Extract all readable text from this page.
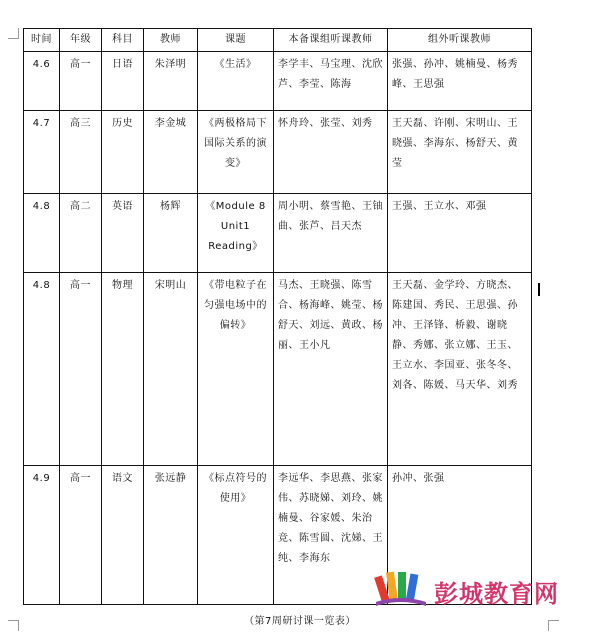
时间	年级	科目	教师	课题	本备课组听课教师	组外听课教师
4.6	高一	日语	朱泽明	《生活》	李学丰、马宝理、沈欣芦、李莹、陈海	张强、孙冲、姚楠曼、杨秀峰、王思强
4.7	高三	历史	李金城	《两极格局下国际关系的演变》	怀舟玲、张莹、刘秀	王天磊、许刚、宋明山、王晓强、李海东、杨舒天、黄莹
4.8	高二	英语	杨辉	《Module 8 Unit1 Reading》	周小明、蔡雪艳、王铀曲、张芦、吕天杰	王强、王立水、邓强
4.8	高一	物理	宋明山	《带电粒子在匀强电场中的偏转》	马杰、王晓强、陈雪合、杨海峰、姚莹、杨舒天、刘远、黄政、杨丽、王小凡	王天磊、金学玲、方晓杰、陈建国、秀民、王思强、孙冲、王泽锋、桥毅、谢晓静、秀娜、张立娜、王玉、王立水、李国亚、张冬冬、刘各、陈媛、马天华、刘秀
4.9	高一	语文	张远静	《标点符号的使用》	李远华、李思燕、张家伟、苏晓娣、刘玲、姚楠曼、谷家媛、朱治竞、陈雪圆、沈娣、王纯、李海东	孙冲、张强
（第7周研讨课一览表）
彭城教育网
